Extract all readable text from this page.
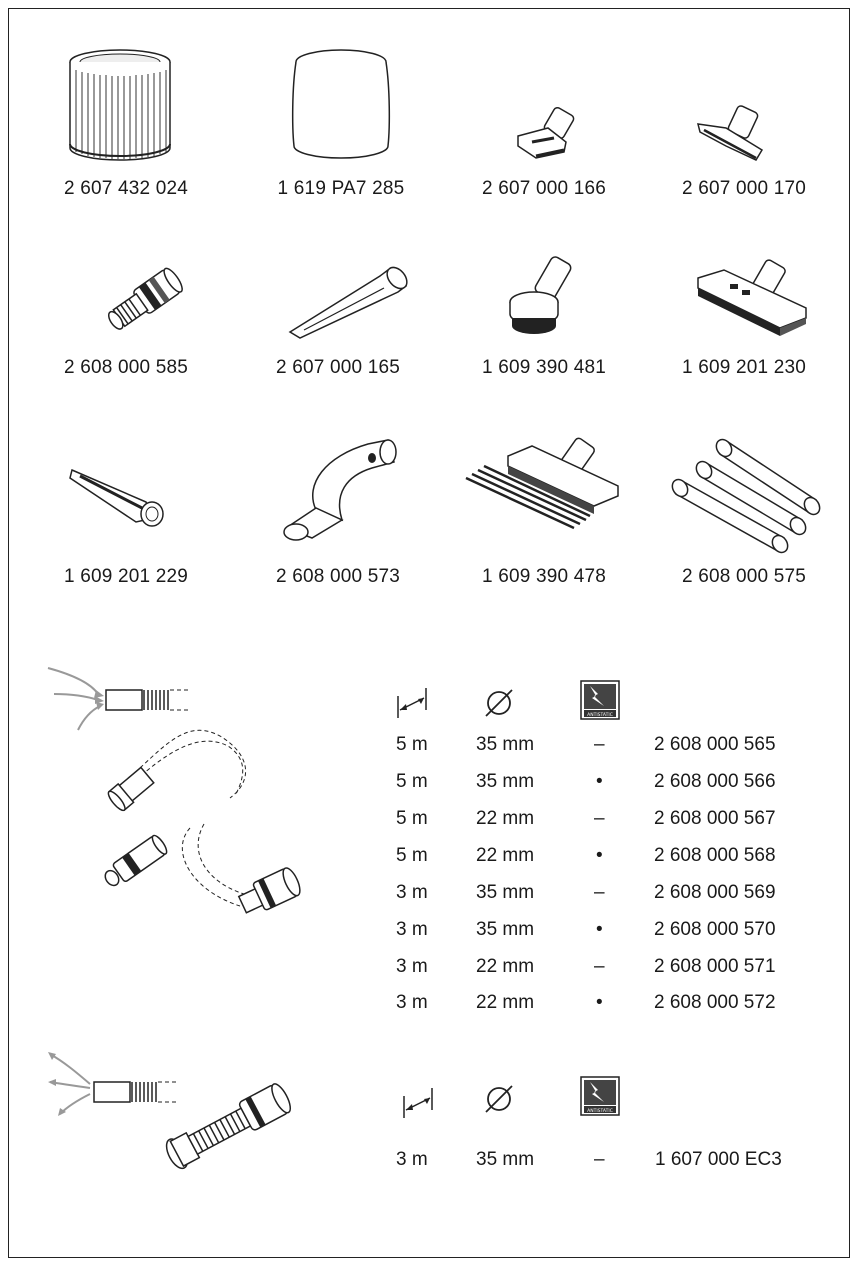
2 607 432 024	1 619 PA7 285	2 607 000 166	2 607 000 170
2 608 000 585	2 607 000 165	1 609 390 481	1 609 201 230
1 609 201 229	2 608 000 573	1 609 390 478	2 608 000 575
ANTISTATIC
5 m	35 mm	–	2 608 000 565
5 m	35 mm	•	2 608 000 566
5 m	22 mm	–	2 608 000 567
5 m	22 mm	•	2 608 000 568
3 m	35 mm	–	2 608 000 569
3 m	35 mm	•	2 608 000 570
3 m	22 mm	–	2 608 000 571
3 m	22 mm	•	2 608 000 572
ANTISTATIC
3 m	35 mm	–	1 607 000 EC3
